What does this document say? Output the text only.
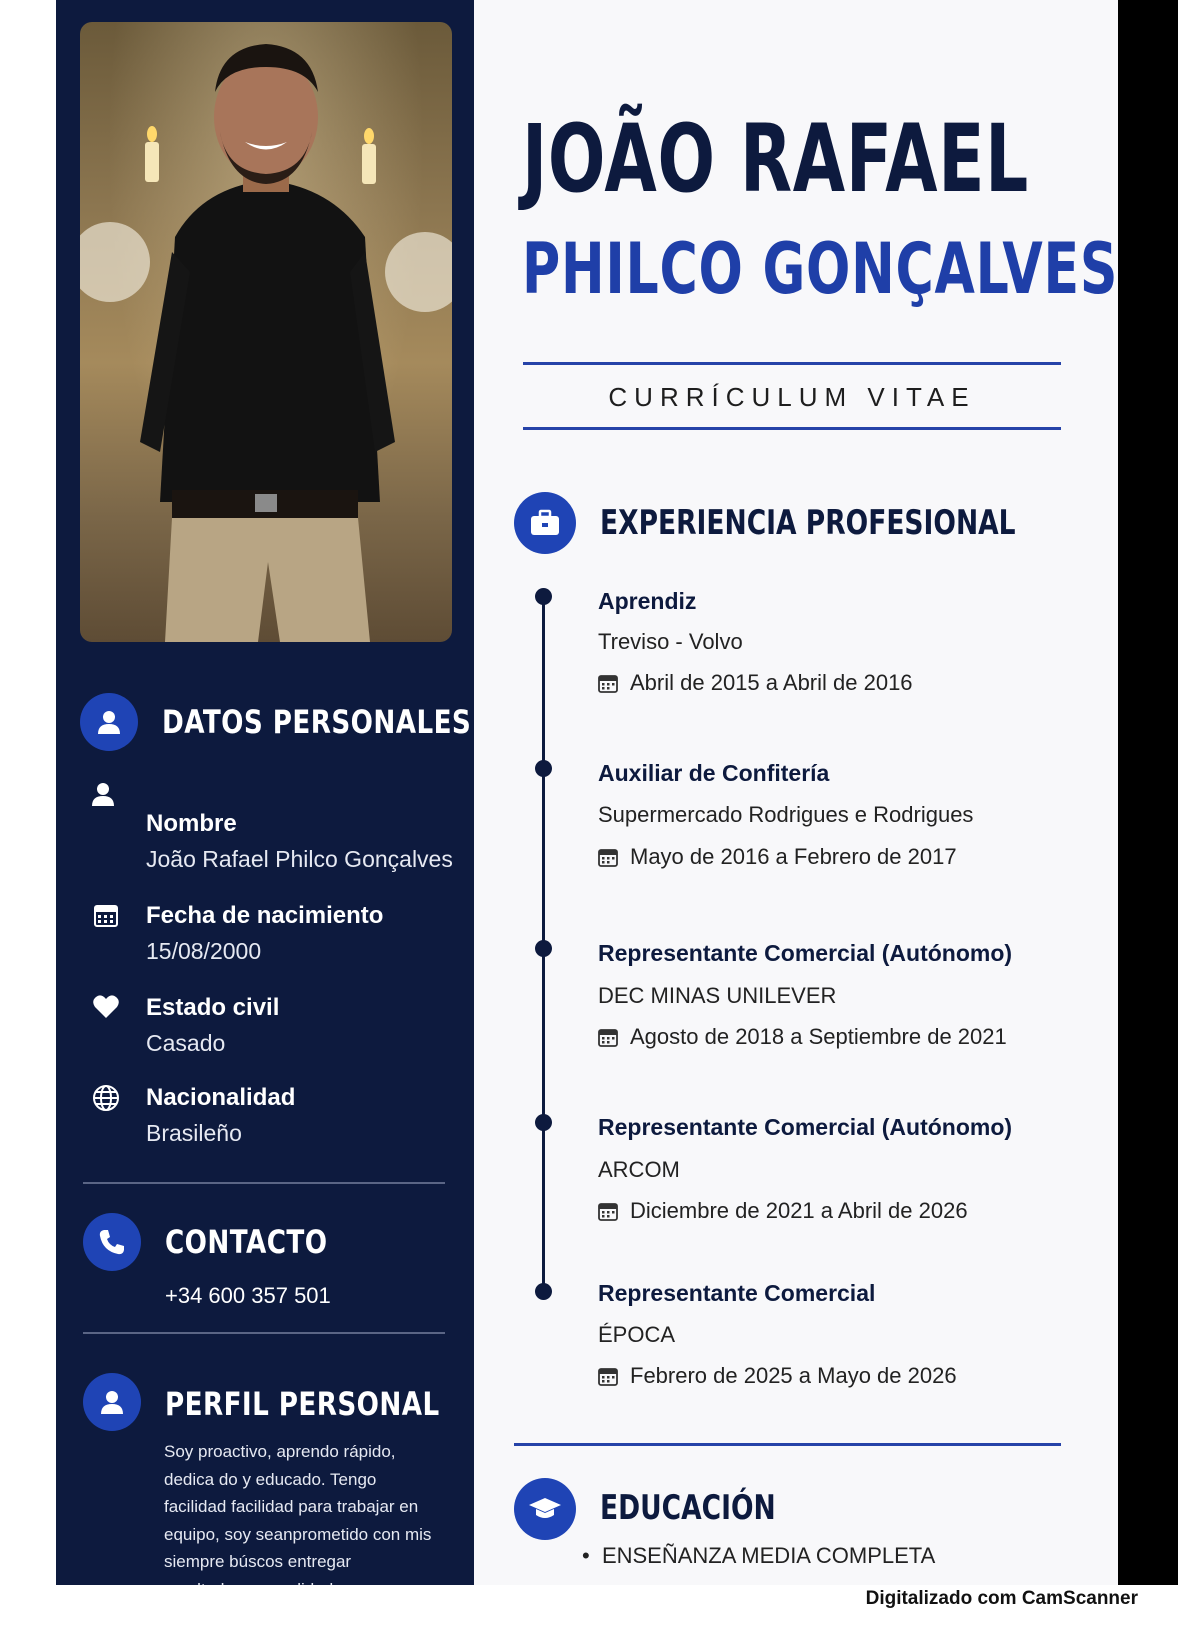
DATOS PERSONALES
Nombre
João Rafael Philco Gonçalves
Fecha de nacimiento
15/08/2000
Estado civil
Casado
Nacionalidad
Brasileño
CONTACTO
+34 600 357 501
PERFIL PERSONAL
Soy proactivo, aprendo rápido, dedica do y educado. Tengo facilidad facilidad para trabajar en equipo, soy seanprometido con mis siempre búscos entregar
JOÃO RAFAEL
PHILCO GONÇALVES
CURRÍCULUM VITAE
EXPERIENCIA PROFESIONAL
Aprendiz
Treviso - Volvo
Abril de 2015 a Abril de 2016
Auxiliar de Confitería
Supermercado Rodrigues e Rodrigues
Mayo de 2016 a Febrero de 2017
Representante Comercial (Autónomo)
DEC MINAS UNILEVER
Agosto de 2018 a Septiembre de 2021
Representante Comercial (Autónomo)
ARCOM
Diciembre de 2021 a Abril de 2026
Representante Comercial
ÉPOCA
Febrero de 2025 a Mayo de 2026
EDUCACIÓN
•  ENSEÑANZA MEDIA COMPLETA
Digitalizado com CamScanner
